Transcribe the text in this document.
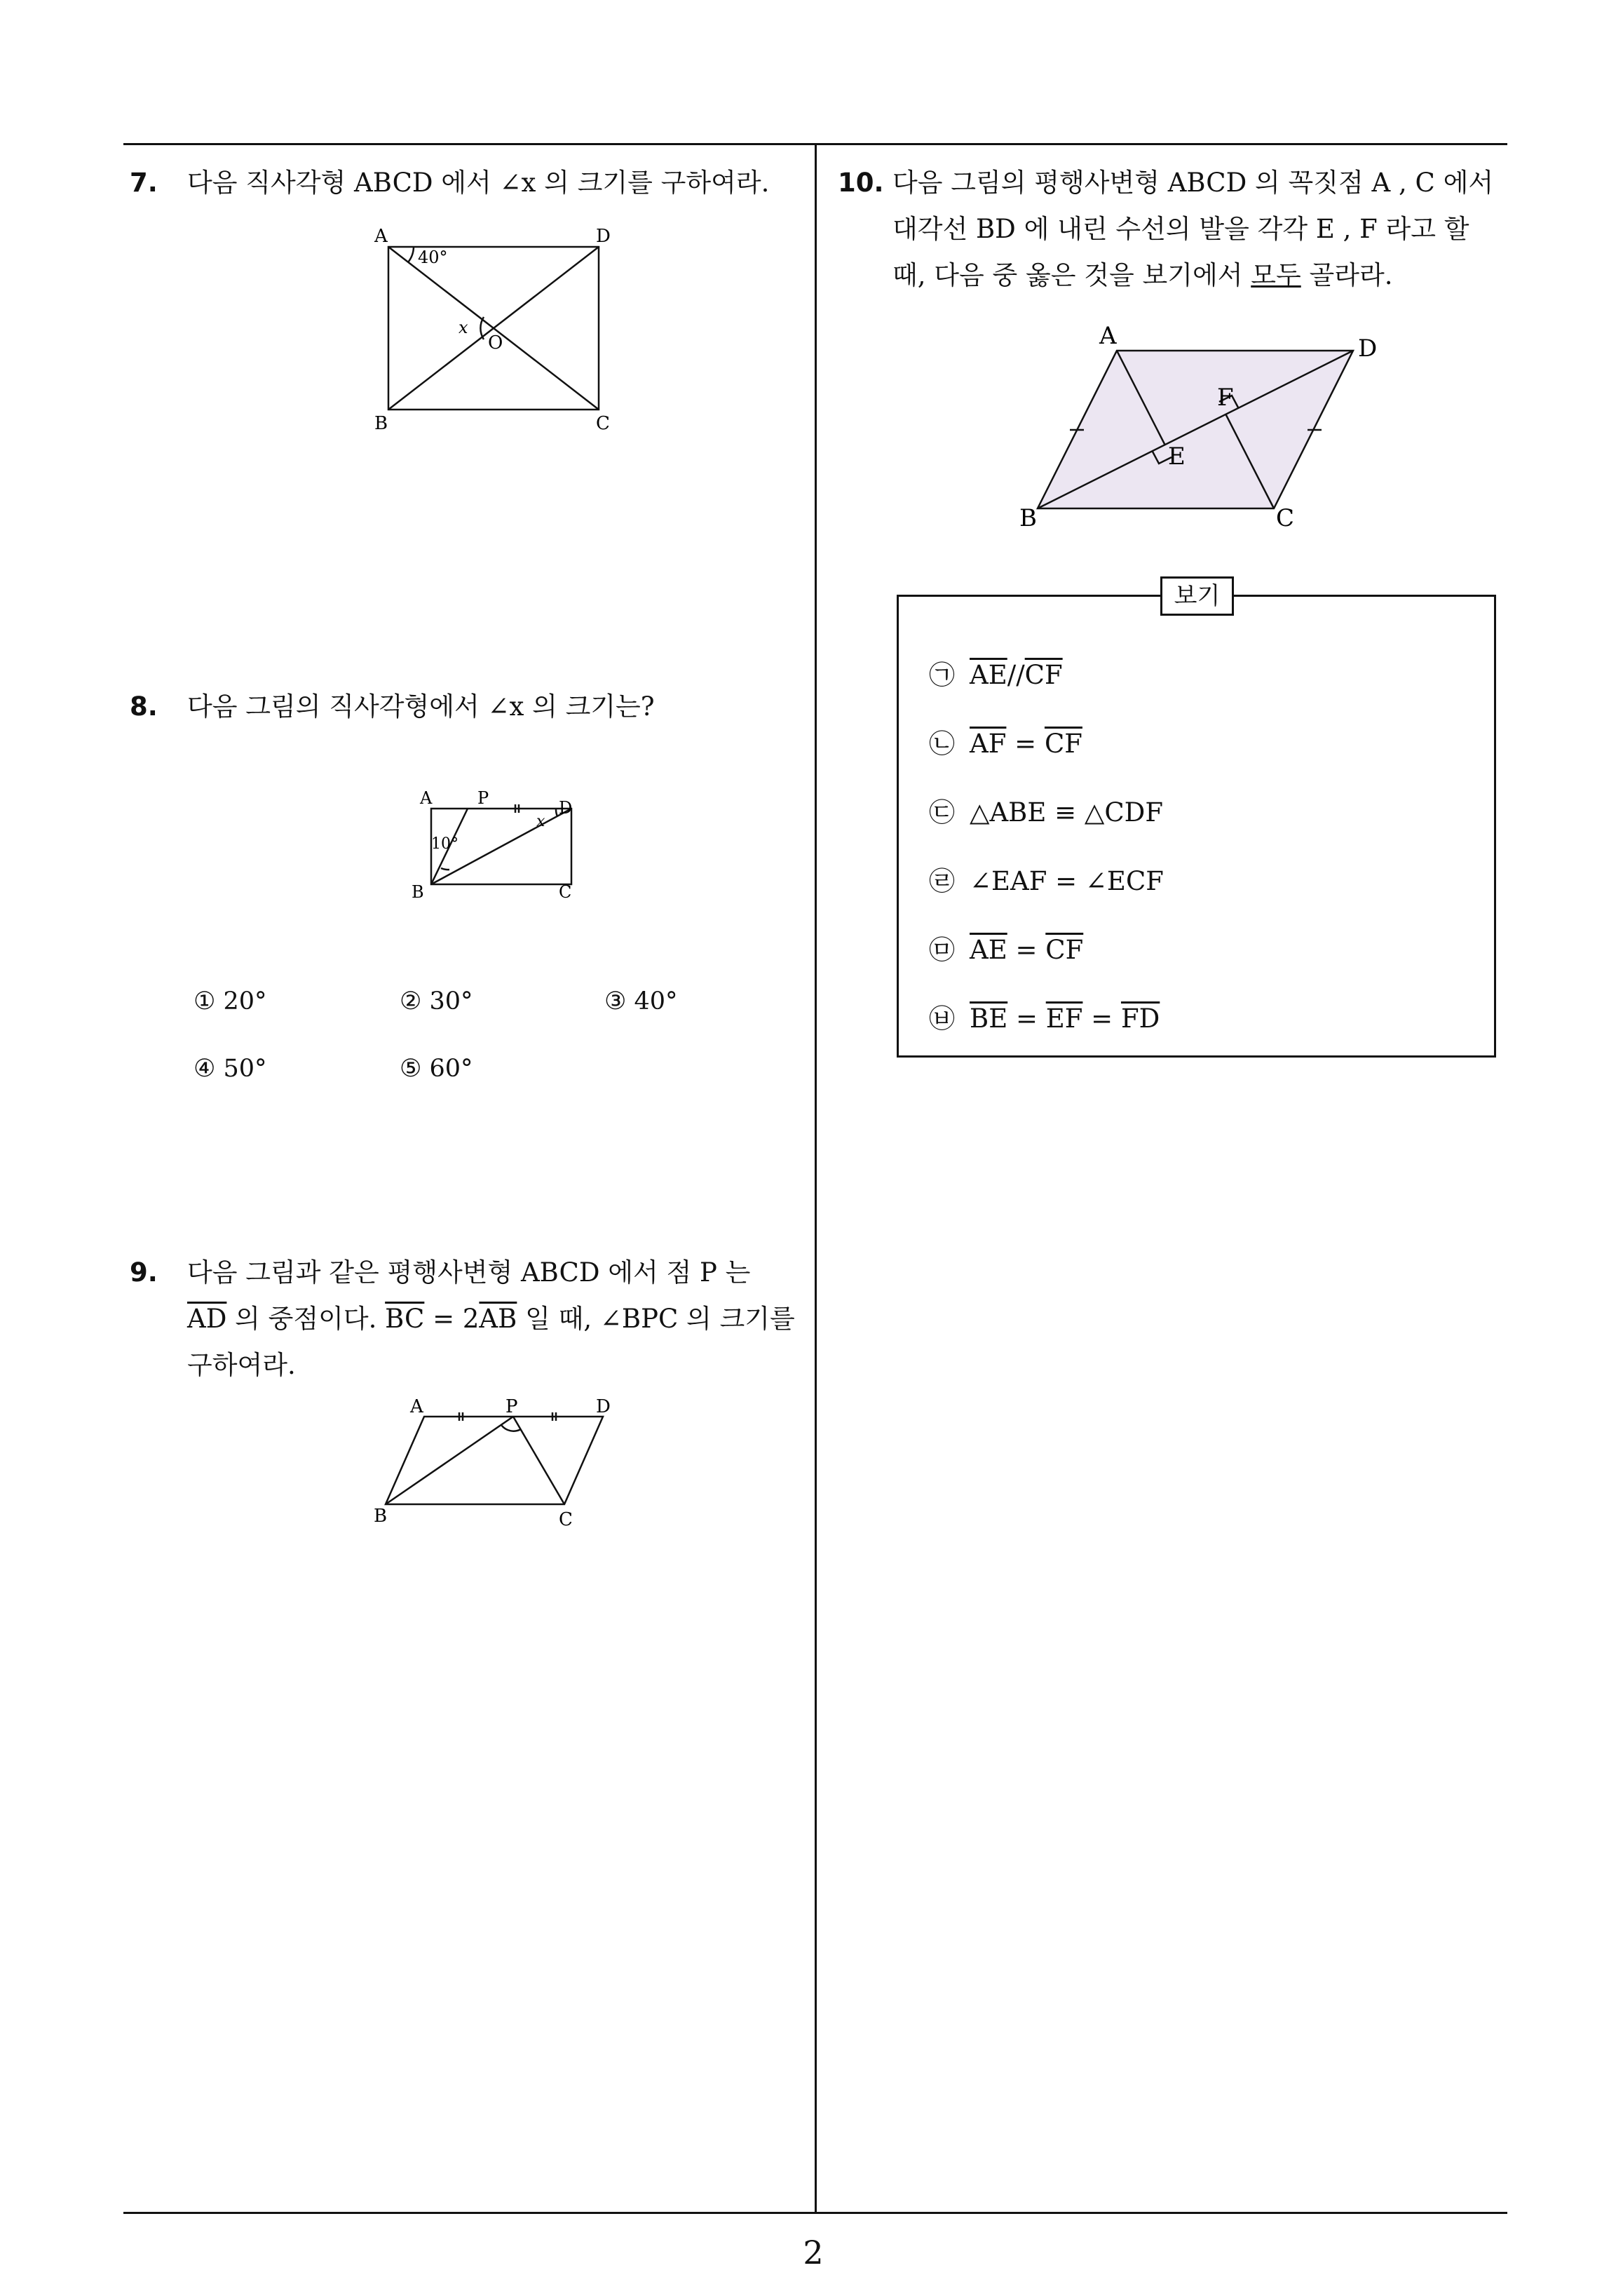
2
7. 다음 직사각형 ABCD 에서 ∠x 의 크기를 구하여라.
A	D
B	C
O
40°
x
8. 다음 그림의 직사각형에서 ∠x 의 크기는?
A	P	D
B	C
10°
x
① 20°	② 30°	③ 40°
④ 50°	⑤ 60°
9. 다음 그림과 같은 평행사변형 ABCD 에서 점 P 는
$\overline{AD}$ 의 중점이다. $\overline{BC} = 2\overline{AB}$ 일 때, ∠BPC 의 크기를
구하여라.
A	P	D
B	C
10. 다음 그림의 평행사변형 ABCD 의 꼭짓점 A , C 에서
대각선 BD 에 내린 수선의 발을 각각 E , F 라고 할
때, 다음 중 옳은 것을 보기에서 모두 골라라.
A	D
B	C
E
F
보기
㉠ $\overline{AE}//\overline{CF}$
㉡ $\overline{AF} = \overline{CF}$
㉢ △ABE ≡ △CDF
㉣ ∠EAF = ∠ECF
㉤ $\overline{AE} = \overline{CF}$
㉥ $\overline{BE} = \overline{EF} = \overline{FD}$
